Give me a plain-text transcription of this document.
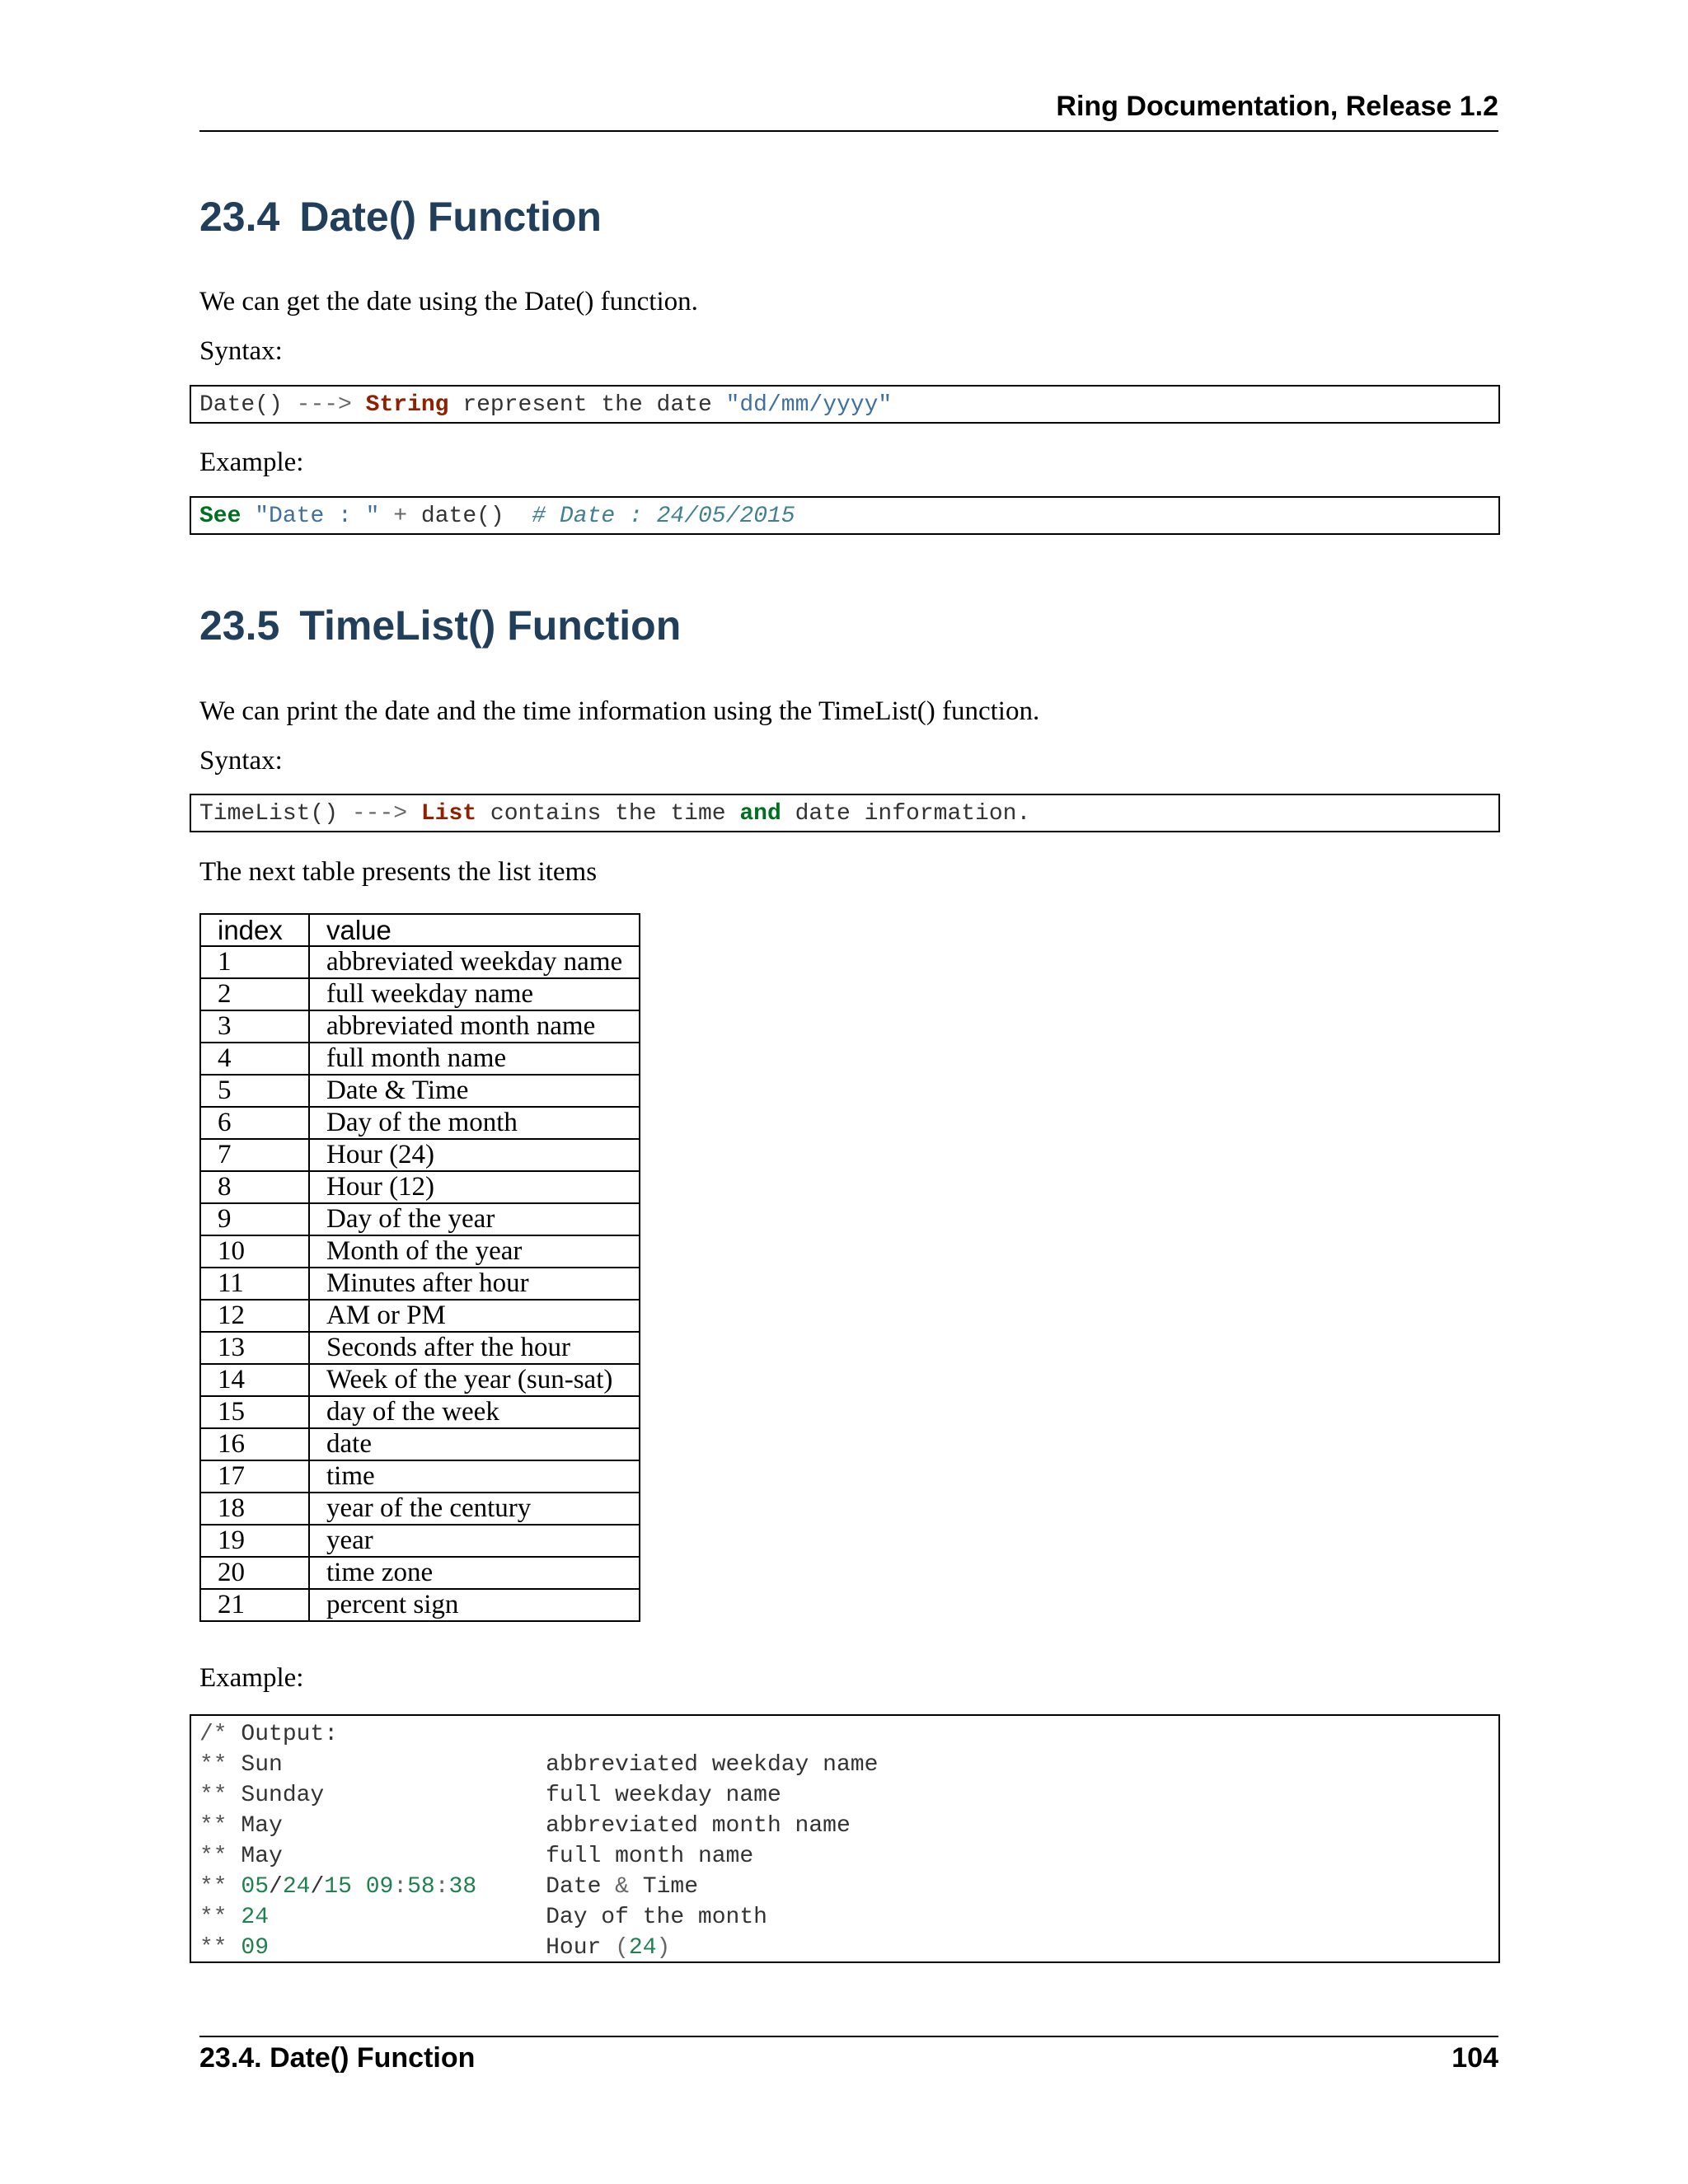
Ring Documentation, Release 1.2
23.4 Date() Function

We can get the date using the Date() function.

Syntax:

Date() ---> String represent the date "dd/mm/yyyy"

Example:

See "Date : " + date() # Date : 24/05/2015
23.5 TimeList() Function

We can print the date and the time information using the TimeList() function.

Syntax:

TimeList() ---> List contains the time and date information.

The next table presents the list items

index	value
1	abbreviated weekday name
2	full weekday name
3	abbreviated month name
4	full month name
5	Date & Time
6	Day of the month
7	Hour (24)
8	Hour (12)
9	Day of the year
10	Month of the year
11	Minutes after hour
12	AM or PM
13	Seconds after the hour
14	Week of the year (sun-sat)
15	day of the week
16	date
17	time
18	year of the century
19	year
20	time zone
21	percent sign

Example:

/* Output:
** Sun	abbreviated weekday name
** Sunday	full weekday name
** May	abbreviated month name
** May	full month name
** 05/24/15 09:58:38	Date & Time
** 24	Day of the month
** 09	Hour (24)
23.4. Date() Function	104
